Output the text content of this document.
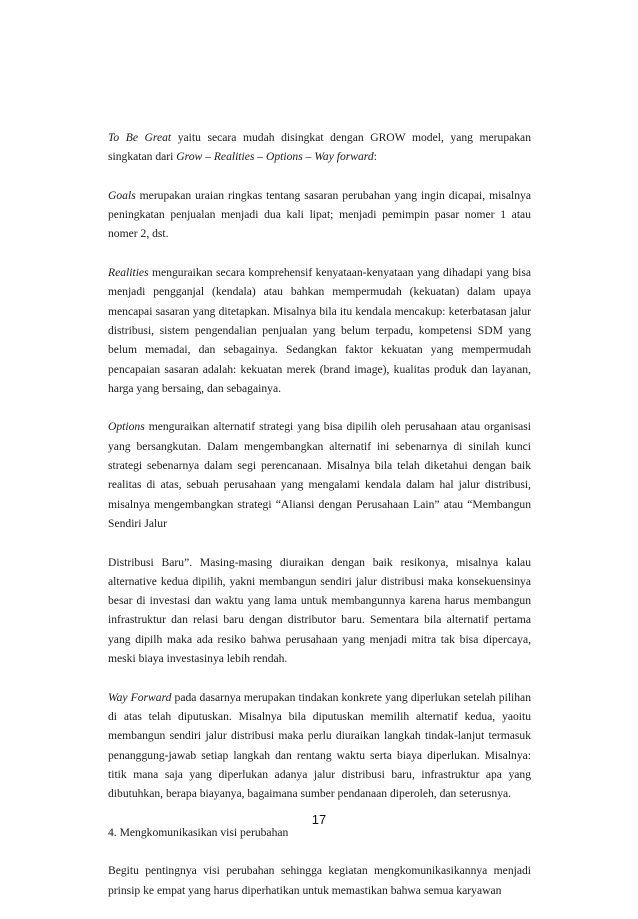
To Be Great yaitu secara mudah disingkat dengan GROW model, yang merupakan singkatan dari Grow – Realities – Options – Way forward:

Goals merupakan uraian ringkas tentang sasaran perubahan yang ingin dicapai, misalnya peningkatan penjualan menjadi dua kali lipat; menjadi pemimpin pasar nomer 1 atau nomer 2, dst.

Realities menguraikan secara komprehensif kenyataan-kenyataan yang dihadapi yang bisa menjadi pengganjal (kendala) atau bahkan mempermudah (kekuatan) dalam upaya mencapai sasaran yang ditetapkan. Misalnya bila itu kendala mencakup: keterbatasan jalur distribusi, sistem pengendalian penjualan yang belum terpadu, kompetensi SDM yang belum memadai, dan sebagainya. Sedangkan faktor kekuatan yang mempermudah pencapaian sasaran adalah: kekuatan merek (brand image), kualitas produk dan layanan, harga yang bersaing, dan sebagainya.

Options menguraikan alternatif strategi yang bisa dipilih oleh perusahaan atau organisasi yang bersangkutan. Dalam mengembangkan alternatif ini sebenarnya di sinilah kunci strategi sebenarnya dalam segi perencanaan. Misalnya bila telah diketahui dengan baik realitas di atas, sebuah perusahaan yang mengalami kendala dalam hal jalur distribusi, misalnya mengembangkan strategi “Aliansi dengan Perusahaan Lain” atau “Membangun Sendiri Jalur

Distribusi Baru”. Masing-masing diuraikan dengan baik resikonya, misalnya kalau alternative kedua dipilih, yakni membangun sendiri jalur distribusi maka konsekuensinya besar di investasi dan waktu yang lama untuk membangunnya karena harus membangun infrastruktur dan relasi baru dengan distributor baru. Sementara bila alternatif pertama yang dipilh maka ada resiko bahwa perusahaan yang menjadi mitra tak bisa dipercaya, meski biaya investasinya lebih rendah.

Way Forward pada dasarnya merupakan tindakan konkrete yang diperlukan setelah pilihan di atas telah diputuskan. Misalnya bila diputuskan memilih alternatif kedua, yaoitu membangun sendiri jalur distribusi maka perlu diuraikan langkah tindak-lanjut termasuk penanggung-jawab setiap langkah dan rentang waktu serta biaya diperlukan. Misalnya: titik mana saja yang diperlukan adanya jalur distribusi baru, infrastruktur apa yang dibutuhkan, berapa biayanya, bagaimana sumber pendanaan diperoleh, dan seterusnya.

4. Mengkomunikasikan visi perubahan

Begitu pentingnya visi perubahan sehingga kegiatan mengkomunikasikannya menjadi prinsip ke empat yang harus diperhatikan untuk memastikan bahwa semua karyawan

17
